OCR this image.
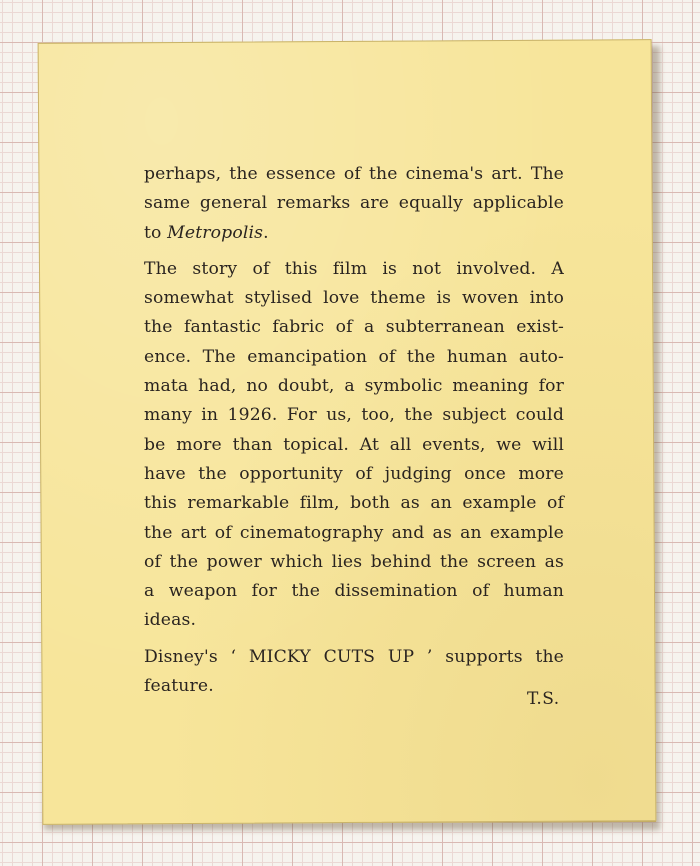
perhaps, the essence of the cinema's art. The
same general remarks are equally applicable
to Metropolis.

The story of this film is not involved. A
somewhat stylised love theme is woven into
the fantastic fabric of a subterranean exist-
ence. The emancipation of the human auto-
mata had, no doubt, a symbolic meaning for
many in 1926. For us, too, the subject could
be more than topical. At all events, we will
have the opportunity of judging once more
this remarkable film, both as an example of
the art of cinematography and as an example
of the power which lies behind the screen as
a weapon for the dissemination of human
ideas.

Disney's ‘ MICKY CUTS UP ’ supports the
feature.

T.S.
